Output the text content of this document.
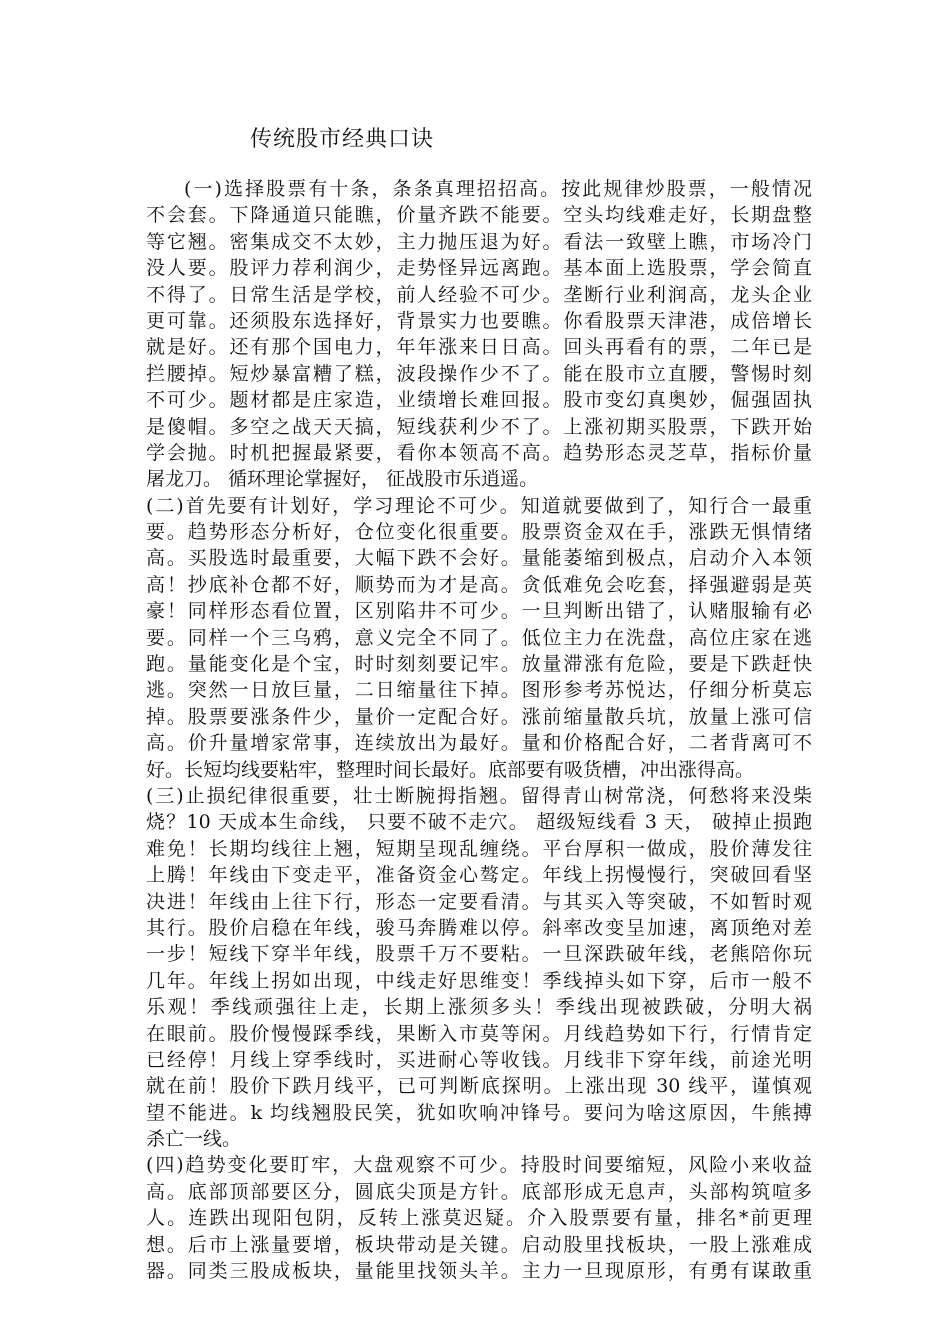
传统股市经典口诀
(一)选择股票有十条，条条真理招招高。按此规律炒股票，一般情况
不会套。下降通道只能瞧，价量齐跌不能要。空头均线难走好，长期盘整
等它翘。密集成交不太妙，主力抛压退为好。看法一致壁上瞧，市场冷门
没人要。股评力荐利润少，走势怪异远离跑。基本面上选股票，学会简直
不得了。日常生活是学校，前人经验不可少。垄断行业利润高，龙头企业
更可靠。还须股东选择好，背景实力也要瞧。你看股票天津港，成倍增长
就是好。还有那个国电力，年年涨来日日高。回头再看有的票，二年已是
拦腰掉。短炒暴富糟了糕，波段操作少不了。能在股市立直腰，警惕时刻
不可少。题材都是庄家造，业绩增长难回报。股市变幻真奥妙，倔强固执
是傻帽。多空之战天天搞，短线获利少不了。上涨初期买股票，下跌开始
学会抛。时机把握最紧要，看你本领高不高。趋势形态灵芝草，指标价量
屠龙刀。 循环理论掌握好， 征战股市乐逍遥。
(二)首先要有计划好，学习理论不可少。知道就要做到了，知行合一最重
要。趋势形态分析好，仓位变化很重要。股票资金双在手，涨跌无惧情绪
高。买股选时最重要，大幅下跌不会好。量能萎缩到极点，启动介入本领
高！抄底补仓都不好，顺势而为才是高。贪低难免会吃套，择强避弱是英
豪！同样形态看位置，区别陷井不可少。一旦判断出错了，认赌服输有必
要。同样一个三乌鸦，意义完全不同了。低位主力在洗盘，高位庄家在逃
跑。量能变化是个宝，时时刻刻要记牢。放量滞涨有危险，要是下跌赶快
逃。突然一日放巨量，二日缩量往下掉。图形参考苏悦达，仔细分析莫忘
掉。股票要涨条件少，量价一定配合好。涨前缩量散兵坑，放量上涨可信
高。价升量增家常事，连续放出为最好。量和价格配合好，二者背离可不
好。长短均线要粘牢，整理时间长最好。底部要有吸货槽，冲出涨得高。
(三)止损纪律很重要，壮士断腕拇指翘。留得青山树常浇，何愁将来没柴
烧？10 天成本生命线， 只要不破不走穴。 超级短线看 3 天， 破掉止损跑
难免！长期均线往上翘，短期呈现乱缠绕。平台厚积一做成，股价薄发往
上腾！年线由下变走平，准备资金心骜定。年线上拐慢慢行，突破回看坚
决进！年线由上往下行，形态一定要看清。与其买入等突破，不如暂时观
其行。股价启稳在年线，骏马奔腾难以停。斜率改变呈加速，离顶绝对差
一步！短线下穿半年线，股票千万不要粘。一旦深跌破年线，老熊陪你玩
几年。年线上拐如出现，中线走好思维变！季线掉头如下穿，后市一般不
乐观！季线顽强往上走，长期上涨须多头！季线出现被跌破，分明大祸
在眼前。股价慢慢踩季线，果断入市莫等闲。月线趋势如下行，行情肯定
已经停！月线上穿季线时，买进耐心等收钱。月线非下穿年线，前途光明
就在前！股价下跌月线平，已可判断底探明。上涨出现 30 线平，谨慎观
望不能进。k 均线翘股民笑，犹如吹响冲锋号。要问为啥这原因，牛熊搏
杀亡一线。
(四)趋势变化要盯牢，大盘观察不可少。持股时间要缩短，风险小来收益
高。底部顶部要区分，圆底尖顶是方针。底部形成无息声，头部构筑喧多
人。连跌出现阳包阴，反转上涨莫迟疑。介入股票要有量，排名*前更理
想。后市上涨量要增，板块带动是关键。启动股里找板块，一股上涨难成
器。同类三股成板块，量能里找领头羊。主力一旦现原形，有勇有谋敢重
